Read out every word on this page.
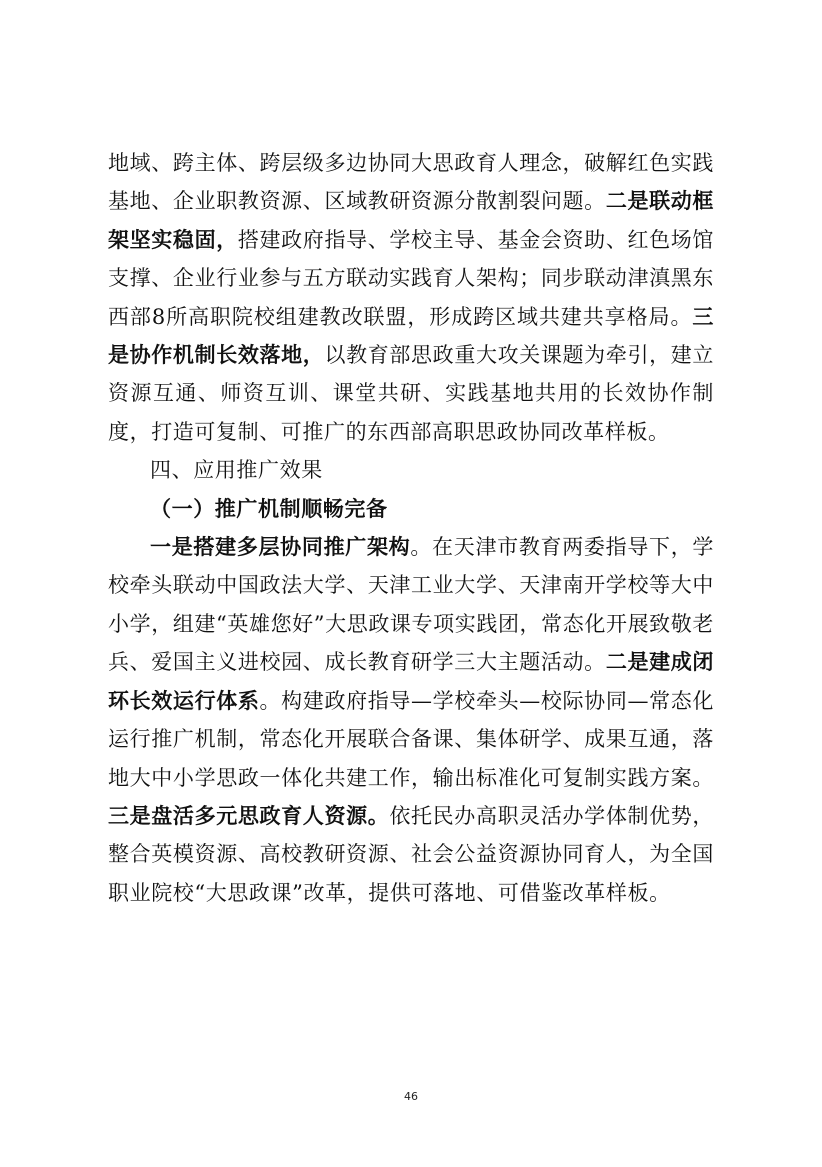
地域、跨主体、跨层级多边协同大思政育人理念，破解红色实践基地、企业职教资源、区域教研资源分散割裂问题。二是联动框架坚实稳固，搭建政府指导、学校主导、基金会资助、红色场馆支撑、企业行业参与五方联动实践育人架构；同步联动津滇黑东西部8所高职院校组建教改联盟，形成跨区域共建共享格局。三是协作机制长效落地，以教育部思政重大攻关课题为牵引，建立资源互通、师资互训、课堂共研、实践基地共用的长效协作制度，打造可复制、可推广的东西部高职思政协同改革样板。

四、应用推广效果

（一）推广机制顺畅完备

一是搭建多层协同推广架构。在天津市教育两委指导下，学校牵头联动中国政法大学、天津工业大学、天津南开学校等大中小学，组建“英雄您好”大思政课专项实践团，常态化开展致敬老兵、爱国主义进校园、成长教育研学三大主题活动。二是建成闭环长效运行体系。构建政府指导—学校牵头—校际协同—常态化运行推广机制，常态化开展联合备课、集体研学、成果互通，落地大中小学思政一体化共建工作，输出标准化可复制实践方案。三是盘活多元思政育人资源。依托民办高职灵活办学体制优势，整合英模资源、高校教研资源、社会公益资源协同育人，为全国职业院校“大思政课”改革，提供可落地、可借鉴改革样板。

46
